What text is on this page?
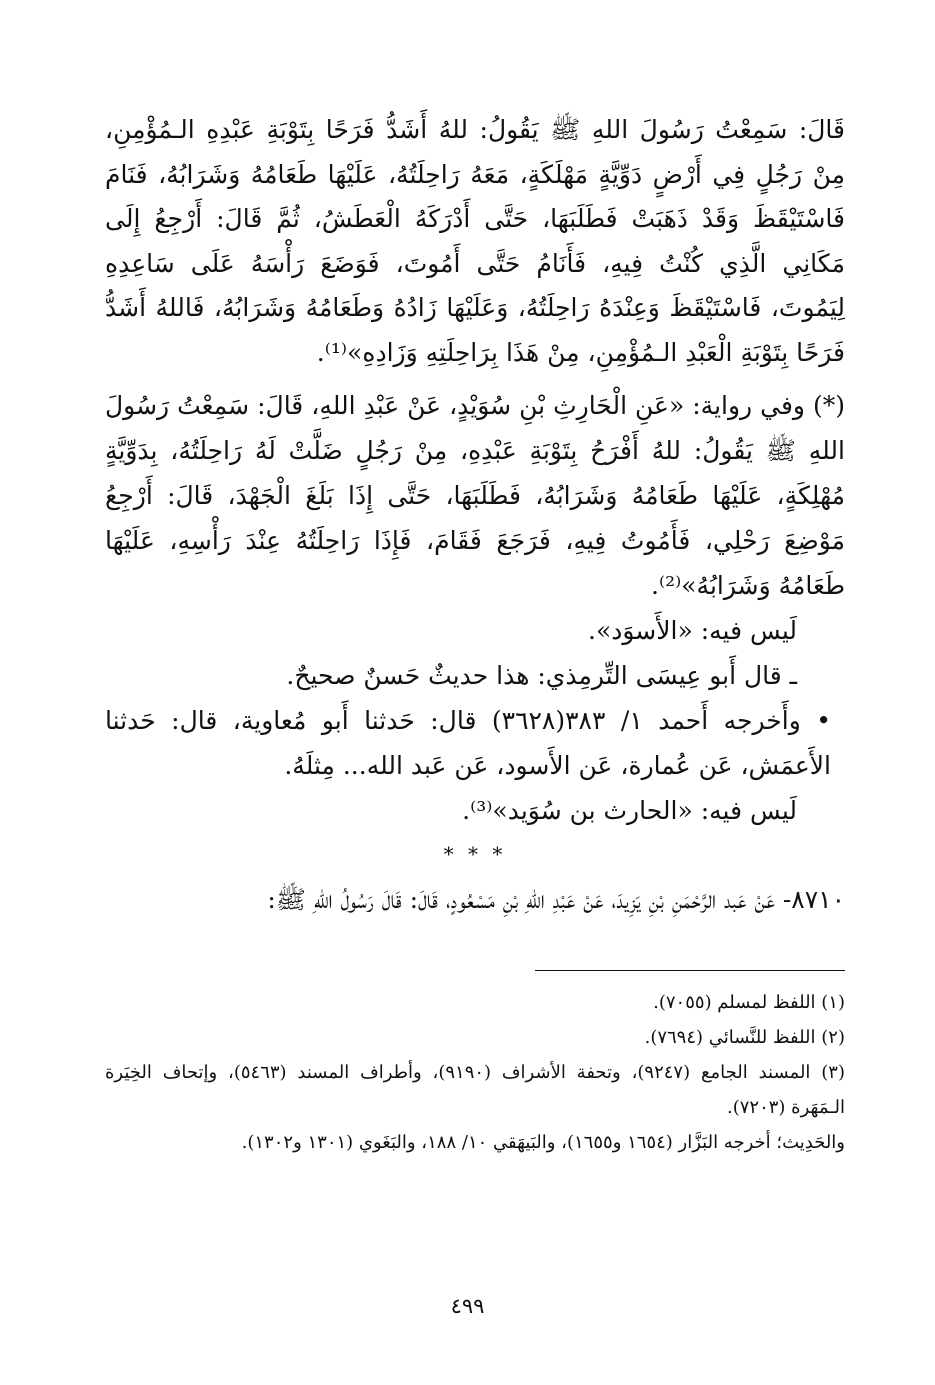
قَالَ: سَمِعْتُ رَسُولَ اللهِ ﷺ يَقُولُ: للهُ أَشَدُّ فَرَحًا بِتَوْبَةِ عَبْدِهِ الـمُؤْمِنِ، مِنْ رَجُلٍ فِي أَرْضٍ دَوِّيَّةٍ مَهْلَكَةٍ، مَعَهُ رَاحِلَتُهُ، عَلَيْهَا طَعَامُهُ وَشَرَابُهُ، فَنَامَ فَاسْتَيْقَظَ وَقَدْ ذَهَبَتْ فَطَلَبَهَا، حَتَّى أَدْرَكَهُ الْعَطَشُ، ثُمَّ قَالَ: أَرْجِعُ إِلَى مَكَانِي الَّذِي كُنْتُ فِيهِ، فَأَنَامُ حَتَّى أَمُوتَ، فَوَضَعَ رَأْسَهُ عَلَى سَاعِدِهِ لِيَمُوتَ، فَاسْتَيْقَظَ وَعِنْدَهُ رَاحِلَتُهُ، وَعَلَيْهَا زَادُهُ وَطَعَامُهُ وَشَرَابُهُ، فَاللهُ أَشَدُّ فَرَحًا بِتَوْبَةِ الْعَبْدِ الـمُؤْمِنِ، مِنْ هَذَا بِرَاحِلَتِهِ وَزَادِهِ»⁽¹⁾.

(*) وفي رواية: «عَنِ الْحَارِثِ بْنِ سُوَيْدٍ، عَنْ عَبْدِ اللهِ، قَالَ: سَمِعْتُ رَسُولَ اللهِ ﷺ يَقُولُ: للهُ أَفْرَحُ بِتَوْبَةِ عَبْدِهِ، مِنْ رَجُلٍ ضَلَّتْ لَهُ رَاحِلَتُهُ، بِدَوِّيَّةٍ مُهْلِكَةٍ، عَلَيْهَا طَعَامُهُ وَشَرَابُهُ، فَطَلَبَهَا، حَتَّى إِذَا بَلَغَ الْجَهْدَ، قَالَ: أَرْجِعُ مَوْضِعَ رَحْلِي، فَأَمُوتُ فِيهِ، فَرَجَعَ فَقَامَ، فَإِذَا رَاحِلَتُهُ عِنْدَ رَأْسِهِ، عَلَيْهَا طَعَامُهُ وَشَرَابُهُ»⁽²⁾.

لَيس فيه: «الأَسوَد».

ـ قال أَبو عِيسَى التِّرمِذي: هذا حديثٌ حَسنٌ صحيحٌ.

• وأَخرجه أَحمد ١/ ٣٨٣(٣٦٢٨) قال: حَدثنا أَبو مُعاوية، قال: حَدثنا الأَعمَش، عَن عُمارة، عَن الأَسود، عَن عَبد الله... مِثلَهُ.

لَيس فيه: «الحارث بن سُوَيد»⁽³⁾.

* * *

٨٧١٠- عَنْ عَبد الرَّحْمَنِ بْنِ يَزِيدَ، عَنْ عَبْدِ اللهِ بْنِ مَسْعُودٍ، قَالَ: قَالَ رَسُولُ اللهِ ﷺ:

(١) اللفظ لمسلم (٧٠٥٥).

(٢) اللفظ للنَّسائي (٧٦٩٤).

(٣) المسند الجامع (٩٢٤٧)، وتحفة الأشراف (٩١٩٠)، وأطراف المسند (٥٤٦٣)، وإتحاف الخِيَرة الـمَهَرة (٧٢٠٣).

والحَدِيث؛ أخرجه البَزَّار (١٦٥٤ و١٦٥٥)، والبَيهَقي ١٠/ ١٨٨، والبَغَوي (١٣٠١ و١٣٠٢).

٤٩٩
